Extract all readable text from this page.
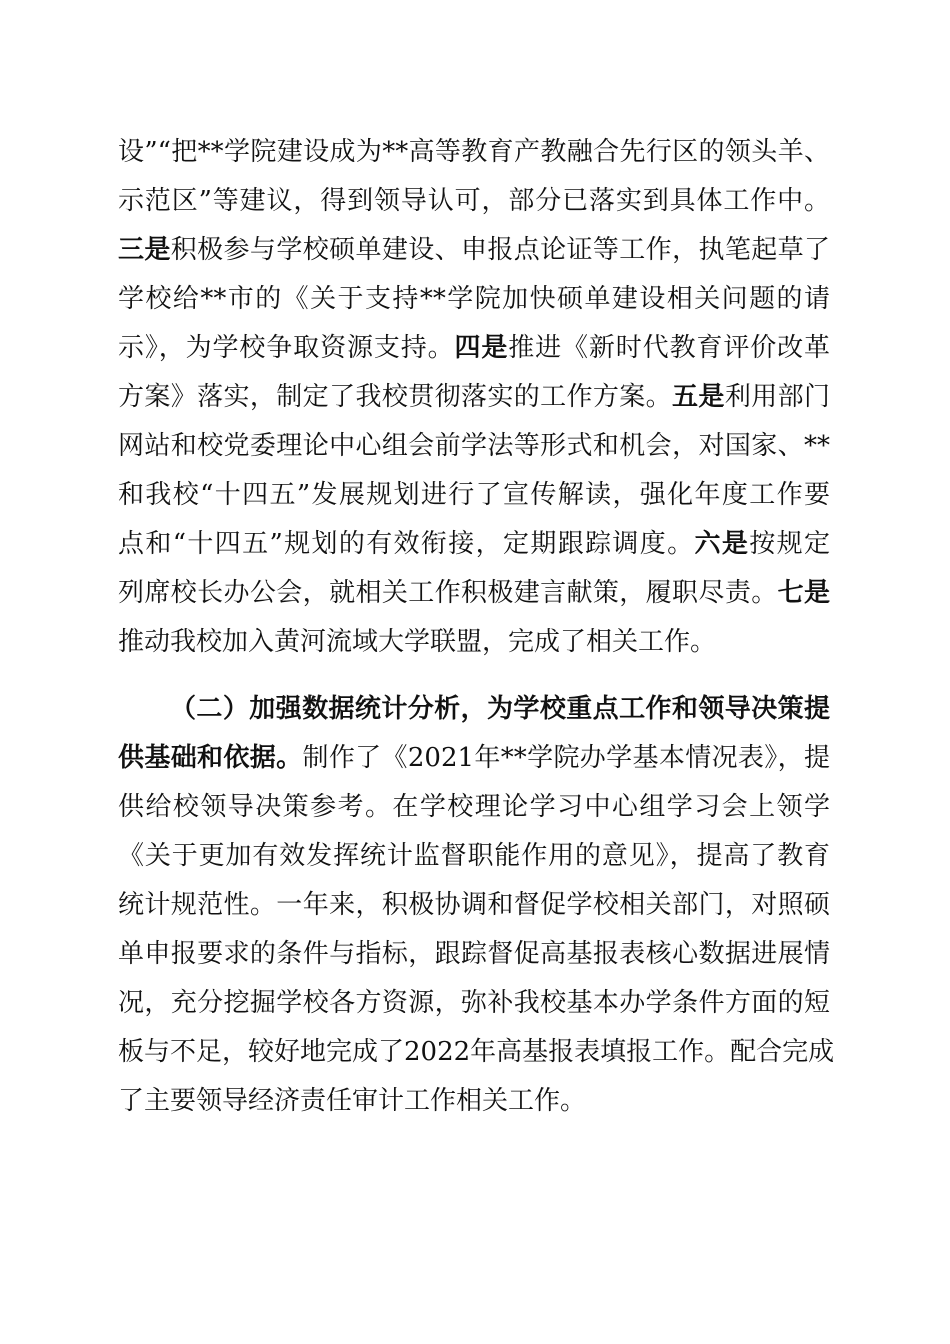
设”“把**学院建设成为**高等教育产教融合先行区的领头羊、
示范区”等建议，得到领导认可，部分已落实到具体工作中。
三是积极参与学校硕单建设、申报点论证等工作，执笔起草了
学校给**市的《关于支持**学院加快硕单建设相关问题的请
示》，为学校争取资源支持。四是推进《新时代教育评价改革
方案》落实，制定了我校贯彻落实的工作方案。五是利用部门
网站和校党委理论中心组会前学法等形式和机会，对国家、**
和我校“十四五”发展规划进行了宣传解读，强化年度工作要
点和“十四五”规划的有效衔接，定期跟踪调度。六是按规定
列席校长办公会，就相关工作积极建言献策，履职尽责。七是
推动我校加入黄河流域大学联盟，完成了相关工作。
（二）加强数据统计分析，为学校重点工作和领导决策提
供基础和依据。制作了《2021年**学院办学基本情况表》，提
供给校领导决策参考。在学校理论学习中心组学习会上领学
《关于更加有效发挥统计监督职能作用的意见》，提高了教育
统计规范性。一年来，积极协调和督促学校相关部门，对照硕
单申报要求的条件与指标，跟踪督促高基报表核心数据进展情
况，充分挖掘学校各方资源，弥补我校基本办学条件方面的短
板与不足，较好地完成了2022年高基报表填报工作。配合完成
了主要领导经济责任审计工作相关工作。
